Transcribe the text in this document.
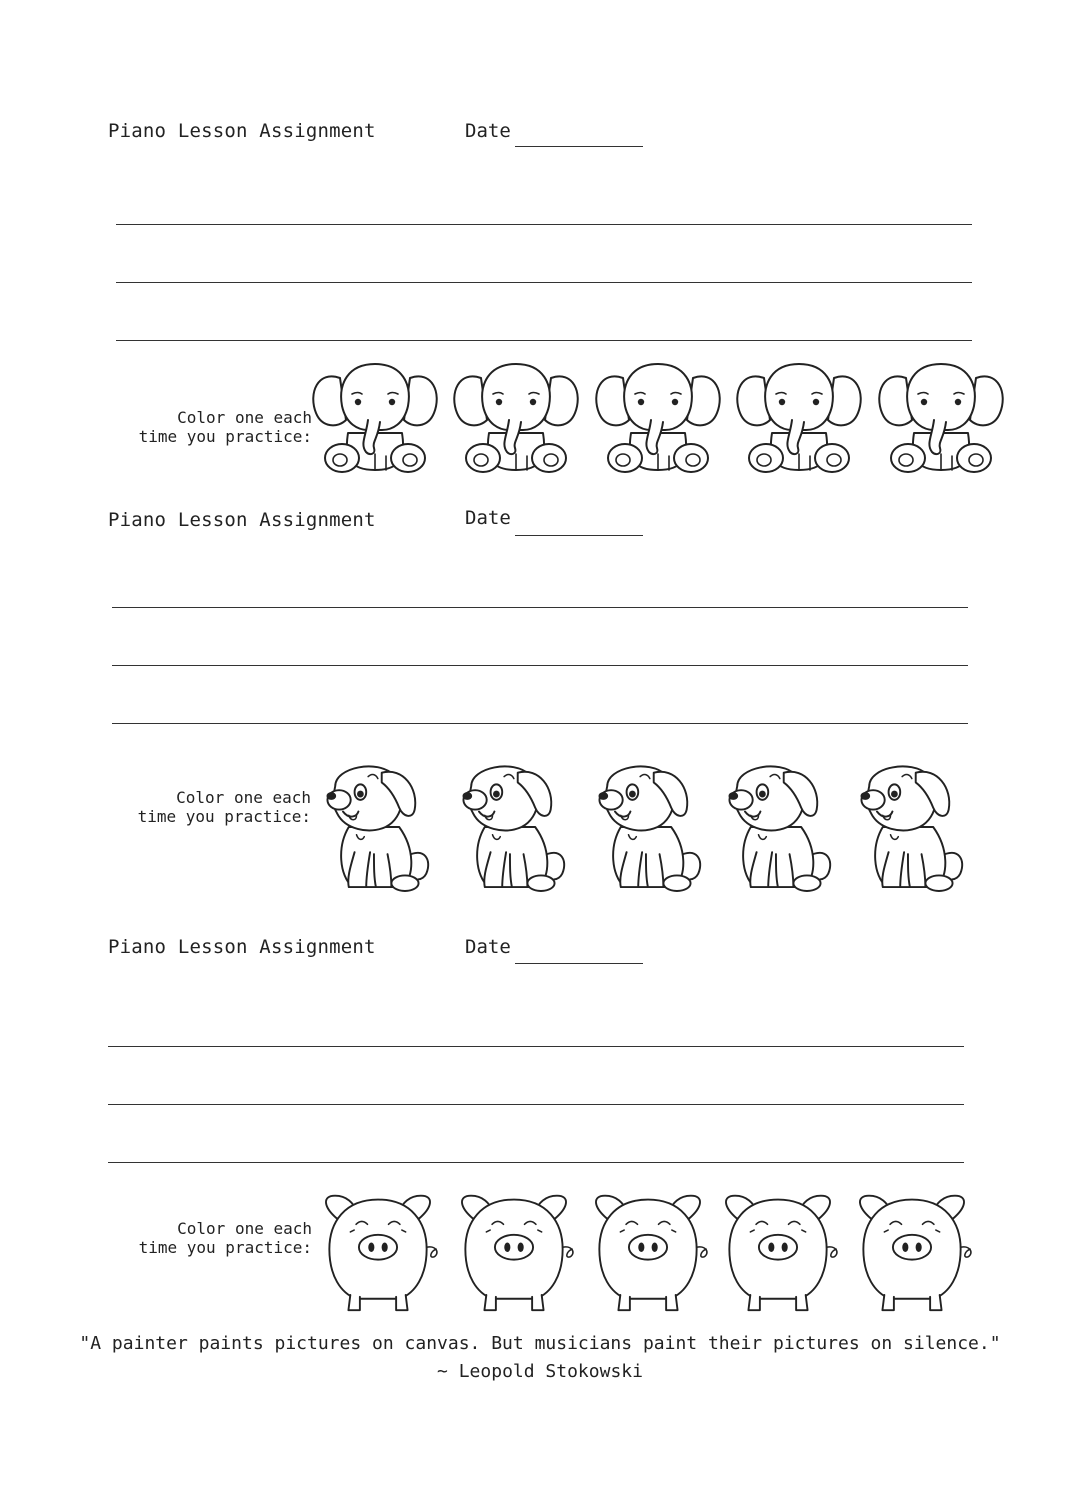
Piano Lesson Assignment	Date
Color one each
time you practice:
Piano Lesson Assignment	Date
Color one each
time you practice:
Piano Lesson Assignment	Date
Color one each
time you practice:
"A painter paints pictures on canvas. But musicians paint their pictures on silence."
~ Leopold Stokowski
